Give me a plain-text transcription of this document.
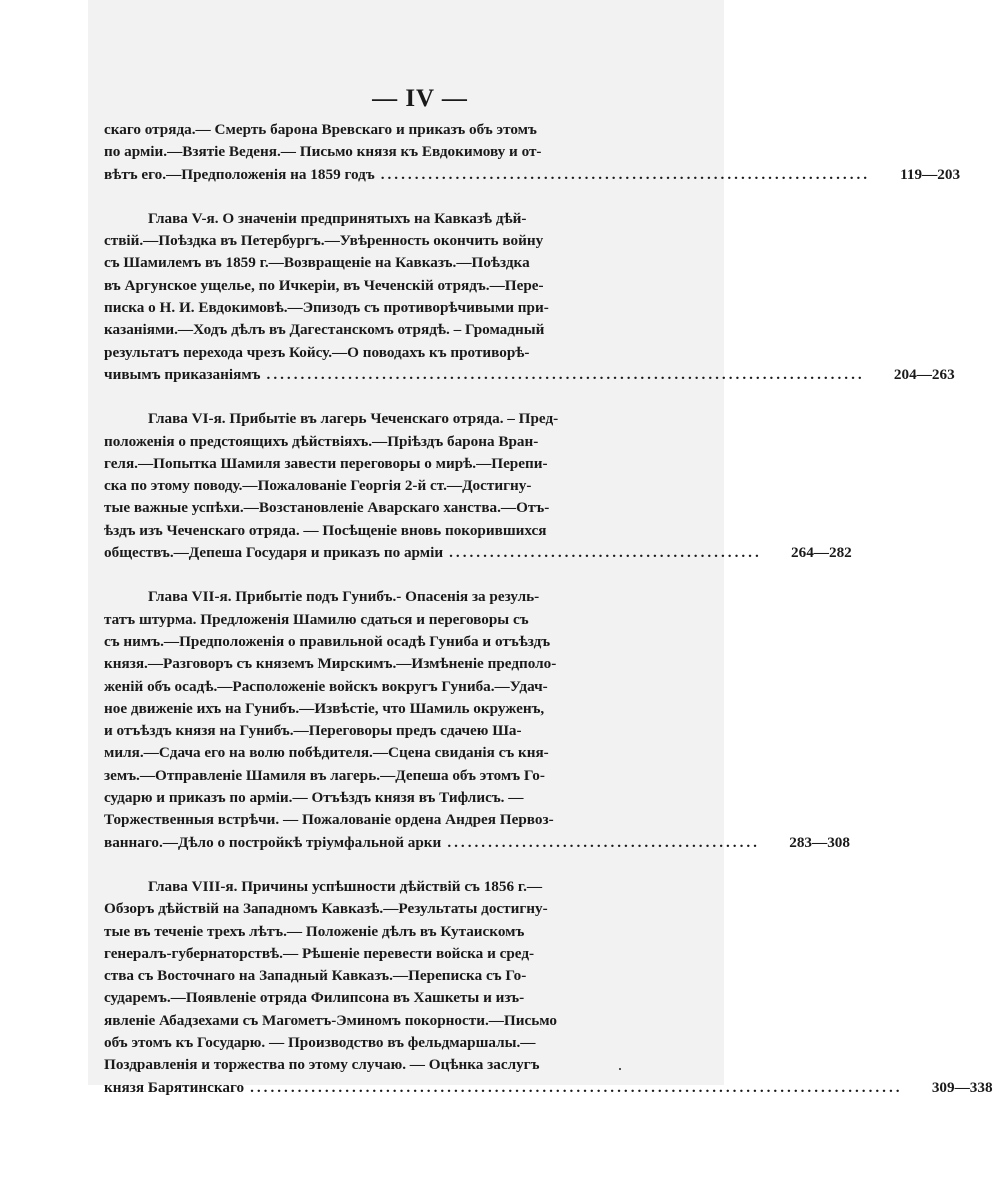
— IV —
скаго отряда.— Смерть барона Вревскаго и приказъ объ этомъ
по арміи.—Взятіе Веденя.— Письмо князя къ Евдокимову и от-
вѣтъ его.—Предположенія на 1859 годъ ........................................................................	119—203
Глава V-я. О значеніи предпринятыхъ на Кавказѣ дѣй-
ствій.—Поѣздка въ Петербургъ.—Увѣренность окончить войну
съ Шамилемъ въ 1859 г.—Возвращеніе на Кавказъ.—Поѣздка
въ Аргунское ущелье, по Ичкеріи, въ Чеченскій отрядъ.—Пере-
писка о Н. И. Евдокимовѣ.—Эпизодъ съ противорѣчивыми при-
казаніями.—Ходъ дѣлъ въ Дагестанскомъ отрядѣ. – Громадный
результатъ перехода чрезъ Койсу.—О поводахъ къ противорѣ-
чивымъ приказаніямъ ........................................................................................	204—263
Глава VI-я. Прибытіе въ лагерь Чеченскаго отряда. – Пред-
положенія о предстоящихъ дѣйствіяхъ.—Пріѣздъ барона Вран-
геля.—Попытка Шамиля завести переговоры о мирѣ.—Перепи-
ска по этому поводу.—Пожалованіе Георгія 2-й ст.—Достигну-
тые важные успѣхи.—Возстановленіе Аварскаго ханства.—Отъ-
ѣздъ изъ Чеченскаго отряда. — Посѣщеніе вновь покорившихся
обществъ.—Депеша Государя и приказъ по арміи ..............................................	264—282
Глава VII-я. Прибытіе подъ Гунибъ.- Опасенія за резуль-
татъ штурма. Предложенія Шамилю сдаться и переговоры съ
съ нимъ.—Предположенія о правильной осадѣ Гуниба и отъѣздъ
князя.—Разговоръ съ княземъ Мирскимъ.—Измѣненіе предполо-
женій объ осадѣ.—Расположеніе войскъ вокругъ Гуниба.—Удач-
ное движеніе ихъ на Гунибъ.—Извѣстіе, что Шамиль окруженъ,
и отъѣздъ князя на Гунибъ.—Переговоры предъ сдачею Ша-
миля.—Сдача его на волю побѣдителя.—Сцена свиданія съ кня-
земъ.—Отправленіе Шамиля въ лагерь.—Депеша объ этомъ Го-
сударю и приказъ по арміи.— Отъѣздъ князя въ Тифлисъ. —
Торжественныя встрѣчи. — Пожалованіе ордена Андрея Первоз-
ваннаго.—Дѣло о постройкѣ тріумфальной арки ..............................................	283—308
Глава VIII-я. Причины успѣшности дѣйствій съ 1856 г.—
Обзоръ дѣйствій на Западномъ Кавказѣ.—Результаты достигну-
тые въ теченіе трехъ лѣтъ.— Положеніе дѣлъ въ Кутаискомъ
генералъ-губернаторствѣ.— Рѣшеніе перевести войска и сред-
ства съ Восточнаго на Западный Кавказъ.—Переписка съ Го-
сударемъ.—Появленіе отряда Филипсона въ Хашкеты и изъ-
явленіе Абадзехами съ Магометъ-Эминомъ покорности.—Письмо
объ этомъ къ Государю. — Производство въ фельдмаршалы.—
Поздравленія и торжества по этому случаю. — Оцѣнка заслугъ
князя Барятинскаго ................................................................................................	309—338
